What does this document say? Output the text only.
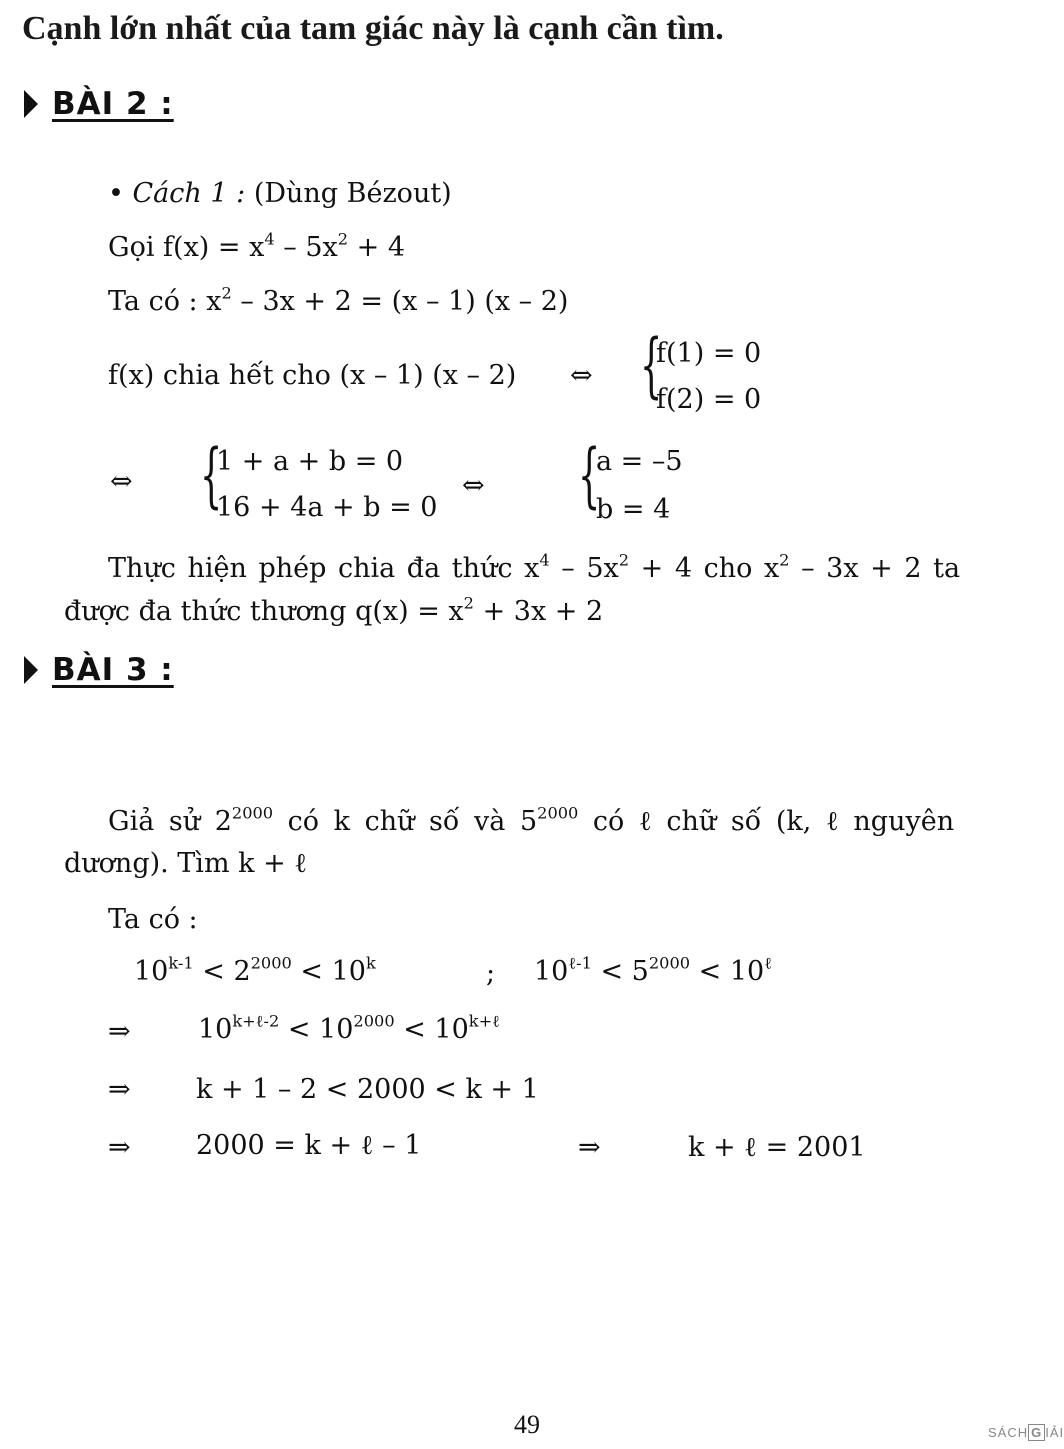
Cạnh lớn nhất của tam giác này là cạnh cần tìm.
BÀI 2 :
• Cách 1 : (Dùng Bézout)
Gọi $f(x) = x^4 - 5x^2 + 4$
Ta có : $x^2 - 3x + 2 = (x - 1)$ (x – 2)
f(x) chia hết cho (x – 1) (x – 2) ⇔ {
f(1) = 0
f(2) = 0
⇔ {
1 + a + b = 0
16 + 4a + b = 0
⇔ {
a = –5
b = 4
Thực hiện phép chia đa thức $x^4 - 5x^2 + 4$ cho $x^2 - 3x + 2$ ta
được đa thức thương $q(x) = x^2 + 3x + 2$
BÀI 3 :
Giả sử $2^{2000}$ có k chữ số và $5^{2000}$ có ℓ chữ số (k, ℓ nguyên
dương). Tìm k + ℓ
Ta có :
$10^{k-1} < 2^{2000} < 10^k$	; $10^{\ell-1} < 5^{2000} < 10^\ell$
⇒ $10^{k+\ell-2} < 10^{2000} < 10^{k+\ell}$
⇒ k + 1 – 2 < 2000 < k + 1
⇒ 2000 = k + ℓ – 1	⇒	k + ℓ = 2001
49	SÁCH G IẢI
